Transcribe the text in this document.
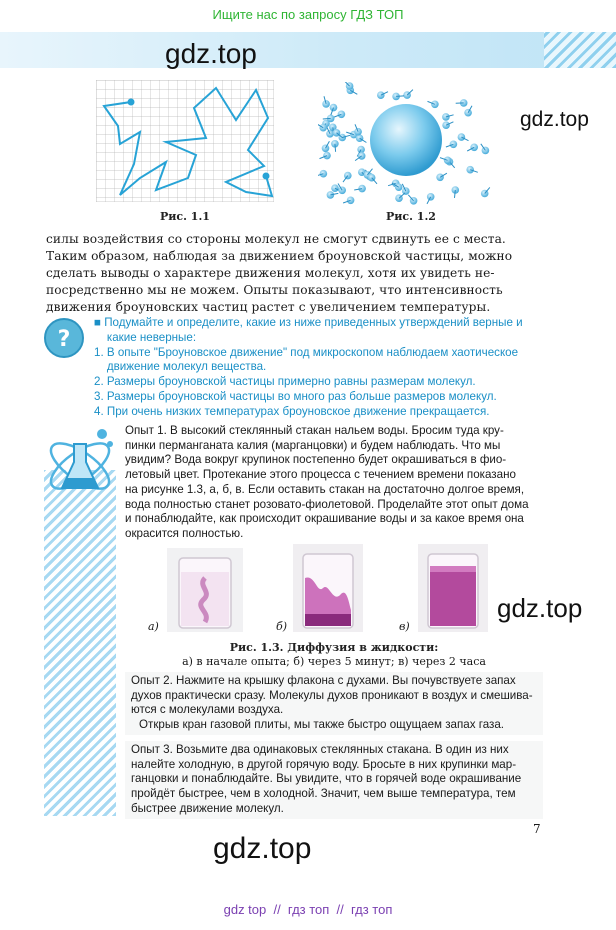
Ищите нас по запросу ГДЗ ТОП
gdz.top
gdz.top
gdz.top
gdz.top
Рис. 1.1	Рис. 1.2

силы воздействия со стороны молекул не смогут сдвинуть ее с места.

Таким образом, наблюдая за движением броуновской частицы, можно

сделать выводы о характере движения молекул, хотя их увидеть не-

посредственно мы не можем. Опыты показывают, что интенсивность

движения броуновских частиц растет с увеличением температуры.

?
■ Подумайте и определите, какие из ниже приведенных утверждений верные и
какие неверные:
1. В опыте "Броуновское движение" под микроскопом наблюдаем хаотическое
движение молекул вещества.
2. Размеры броуновской частицы примерно равны размерам молекул.
3. Размеры броуновской частицы во много раз больше размеров молекул.
4. При очень низких температурах броуновское движение прекращается.

Опыт 1. В высокий стеклянный стакан нальем воды. Бросим туда кру-

пинки перманганата калия (марганцовки) и будем наблюдать. Что мы

увидим? Вода вокруг крупинок постепенно будет окрашиваться в фио-

летовый цвет. Протекание этого процесса с течением времени показано

на рисунке 1.3, а, б, в. Если оставить стакан на достаточно долгое время,

вода полностью станет розовато-фиолетовой. Проделайте этот опыт дома

и понаблюдайте, как происходит окрашивание воды и за какое время она

окрасится полностью.

а)	б)	в)
Рис. 1.3. Диффузия в жидкости:
а) в начале опыта; б) через 5 минут; в) через 2 часа

Опыт 2. Нажмите на крышку флакона с духами. Вы почувствуете запах

духов практически сразу. Молекулы духов проникают в воздух и смешива-

ются с молекулами воздуха.

Открыв кран газовой плиты, мы также быстро ощущаем запах газа.

Опыт 3. Возьмите два одинаковых стеклянных стакана. В один из них

налейте холодную, в другой горячую воду. Бросьте в них крупинки мар-

ганцовки и понаблюдайте. Вы увидите, что в горячей воде окрашивание

пройдёт быстрее, чем в холодной. Значит, чем выше температура, тем

быстрее движение молекул.

7
gdz top  //  гдз топ  //  гдз топ
